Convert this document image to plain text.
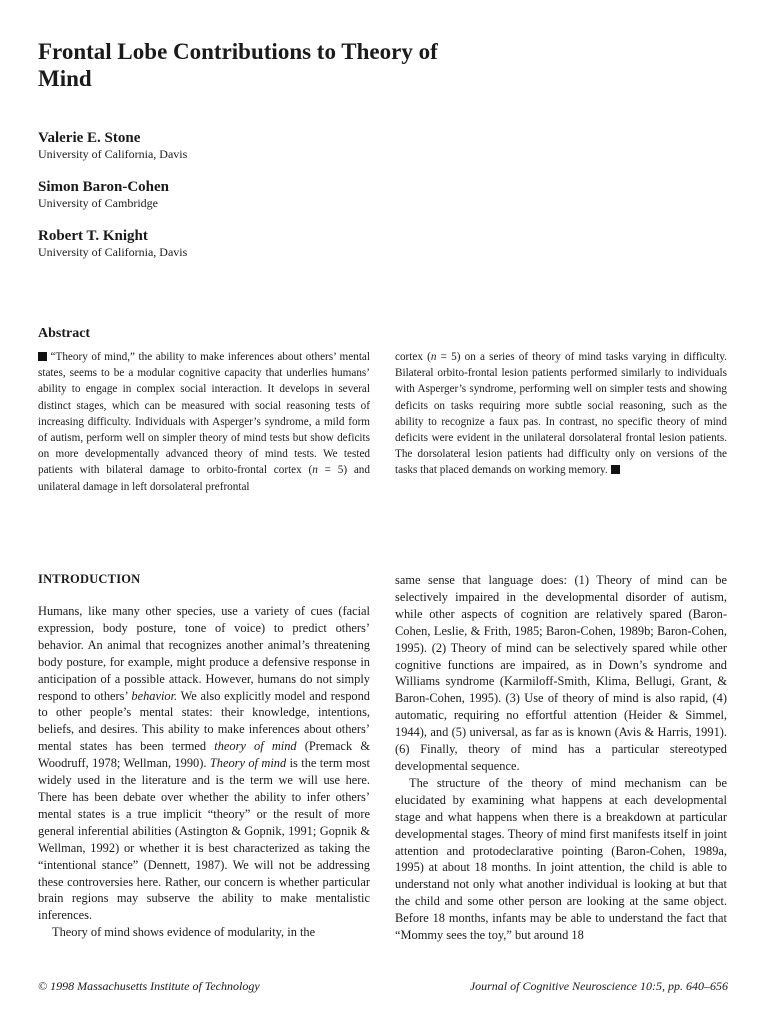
Frontal Lobe Contributions to Theory of Mind
Valerie E. Stone
University of California, Davis
Simon Baron-Cohen
University of Cambridge
Robert T. Knight
University of California, Davis
Abstract
“Theory of mind,” the ability to make inferences about others’ mental states, seems to be a modular cognitive capacity that underlies humans’ ability to engage in complex social interaction. It develops in several distinct stages, which can be measured with social reasoning tests of increasing difficulty. Individuals with Asperger’s syndrome, a mild form of autism, perform well on simpler theory of mind tests but show deficits on more developmentally advanced theory of mind tests. We tested patients with bilateral damage to orbito-frontal cortex (n = 5) and unilateral damage in left dorsolateral prefrontal
cortex (n = 5) on a series of theory of mind tasks varying in difficulty. Bilateral orbito-frontal lesion patients performed similarly to individuals with Asperger’s syndrome, performing well on simpler tests and showing deficits on tasks requiring more subtle social reasoning, such as the ability to recognize a faux pas. In contrast, no specific theory of mind deficits were evident in the unilateral dorsolateral frontal lesion patients. The dorsolateral lesion patients had difficulty only on versions of the tasks that placed demands on working memory.
INTRODUCTION

Humans, like many other species, use a variety of cues (facial expression, body posture, tone of voice) to predict others’ behavior. An animal that recognizes another animal’s threatening body posture, for example, might produce a defensive response in anticipation of a possible attack. However, humans do not simply respond to others’ behavior. We also explicitly model and respond to other people’s mental states: their knowledge, intentions, beliefs, and desires. This ability to make inferences about others’ mental states has been termed theory of mind (Premack & Woodruff, 1978; Wellman, 1990). Theory of mind is the term most widely used in the literature and is the term we will use here. There has been debate over whether the ability to infer others’ mental states is a true implicit “theory” or the result of more general inferential abilities (Astington & Gopnik, 1991; Gopnik & Wellman, 1992) or whether it is best characterized as taking the “intentional stance” (Dennett, 1987). We will not be addressing these controversies here. Rather, our concern is whether particular brain regions may subserve the ability to make mentalistic inferences.

Theory of mind shows evidence of modularity, in the

same sense that language does: (1) Theory of mind can be selectively impaired in the developmental disorder of autism, while other aspects of cognition are relatively spared (Baron-Cohen, Leslie, & Frith, 1985; Baron-Cohen, 1989b; Baron-Cohen, 1995). (2) Theory of mind can be selectively spared while other cognitive functions are impaired, as in Down’s syndrome and Williams syndrome (Karmiloff-Smith, Klima, Bellugi, Grant, & Baron-Cohen, 1995). (3) Use of theory of mind is also rapid, (4) automatic, requiring no effortful attention (Heider & Simmel, 1944), and (5) universal, as far as is known (Avis & Harris, 1991). (6) Finally, theory of mind has a particular stereotyped developmental sequence.

The structure of the theory of mind mechanism can be elucidated by examining what happens at each developmental stage and what happens when there is a breakdown at particular developmental stages. Theory of mind first manifests itself in joint attention and protodeclarative pointing (Baron-Cohen, 1989a, 1995) at about 18 months. In joint attention, the child is able to understand not only what another individual is looking at but that the child and some other person are looking at the same object. Before 18 months, infants may be able to understand the fact that “Mommy sees the toy,” but around 18

© 1998 Massachusetts Institute of Technology	Journal of Cognitive Neuroscience 10:5, pp. 640–656
